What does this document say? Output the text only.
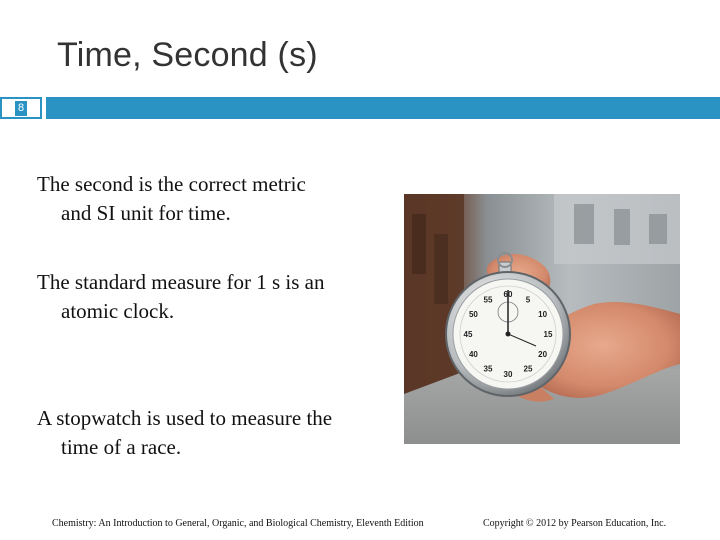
Time, Second (s)
8
The second is the correct metric
and SI unit for time.
The standard measure for 1 s is an
atomic clock.
A stopwatch is used to measure the
time of a race.
60
5
10
15
20
25
30
35
40
45
50
55
Chemistry: An Introduction to General, Organic, and Biological Chemistry, Eleventh Edition	Copyright © 2012 by Pearson Education, Inc.
